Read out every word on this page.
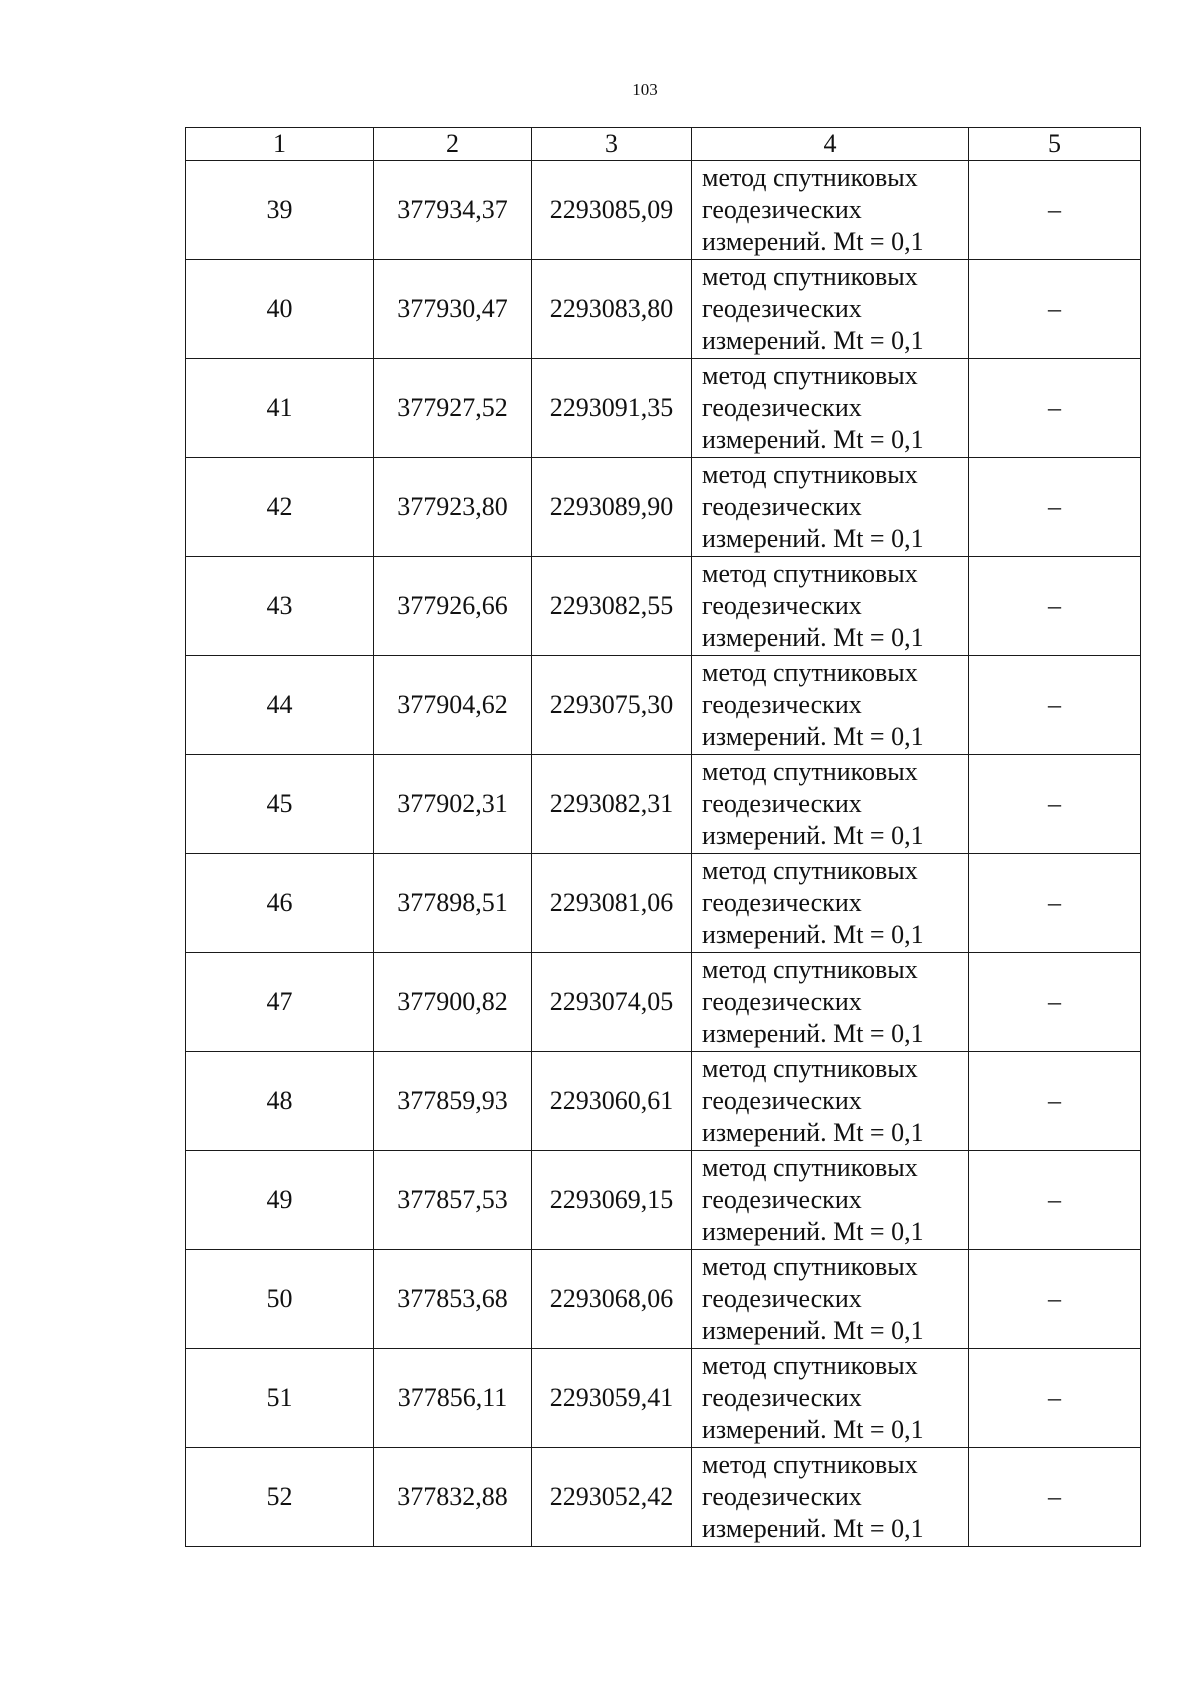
103
1	2	3	4	5
39	377934,37	2293085,09	метод спутниковых
геодезических
измерений. Mt = 0,1	–
40	377930,47	2293083,80	метод спутниковых
геодезических
измерений. Mt = 0,1	–
41	377927,52	2293091,35	метод спутниковых
геодезических
измерений. Mt = 0,1	–
42	377923,80	2293089,90	метод спутниковых
геодезических
измерений. Mt = 0,1	–
43	377926,66	2293082,55	метод спутниковых
геодезических
измерений. Mt = 0,1	–
44	377904,62	2293075,30	метод спутниковых
геодезических
измерений. Mt = 0,1	–
45	377902,31	2293082,31	метод спутниковых
геодезических
измерений. Mt = 0,1	–
46	377898,51	2293081,06	метод спутниковых
геодезических
измерений. Mt = 0,1	–
47	377900,82	2293074,05	метод спутниковых
геодезических
измерений. Mt = 0,1	–
48	377859,93	2293060,61	метод спутниковых
геодезических
измерений. Mt = 0,1	–
49	377857,53	2293069,15	метод спутниковых
геодезических
измерений. Mt = 0,1	–
50	377853,68	2293068,06	метод спутниковых
геодезических
измерений. Mt = 0,1	–
51	377856,11	2293059,41	метод спутниковых
геодезических
измерений. Mt = 0,1	–
52	377832,88	2293052,42	метод спутниковых
геодезических
измерений. Mt = 0,1	–
